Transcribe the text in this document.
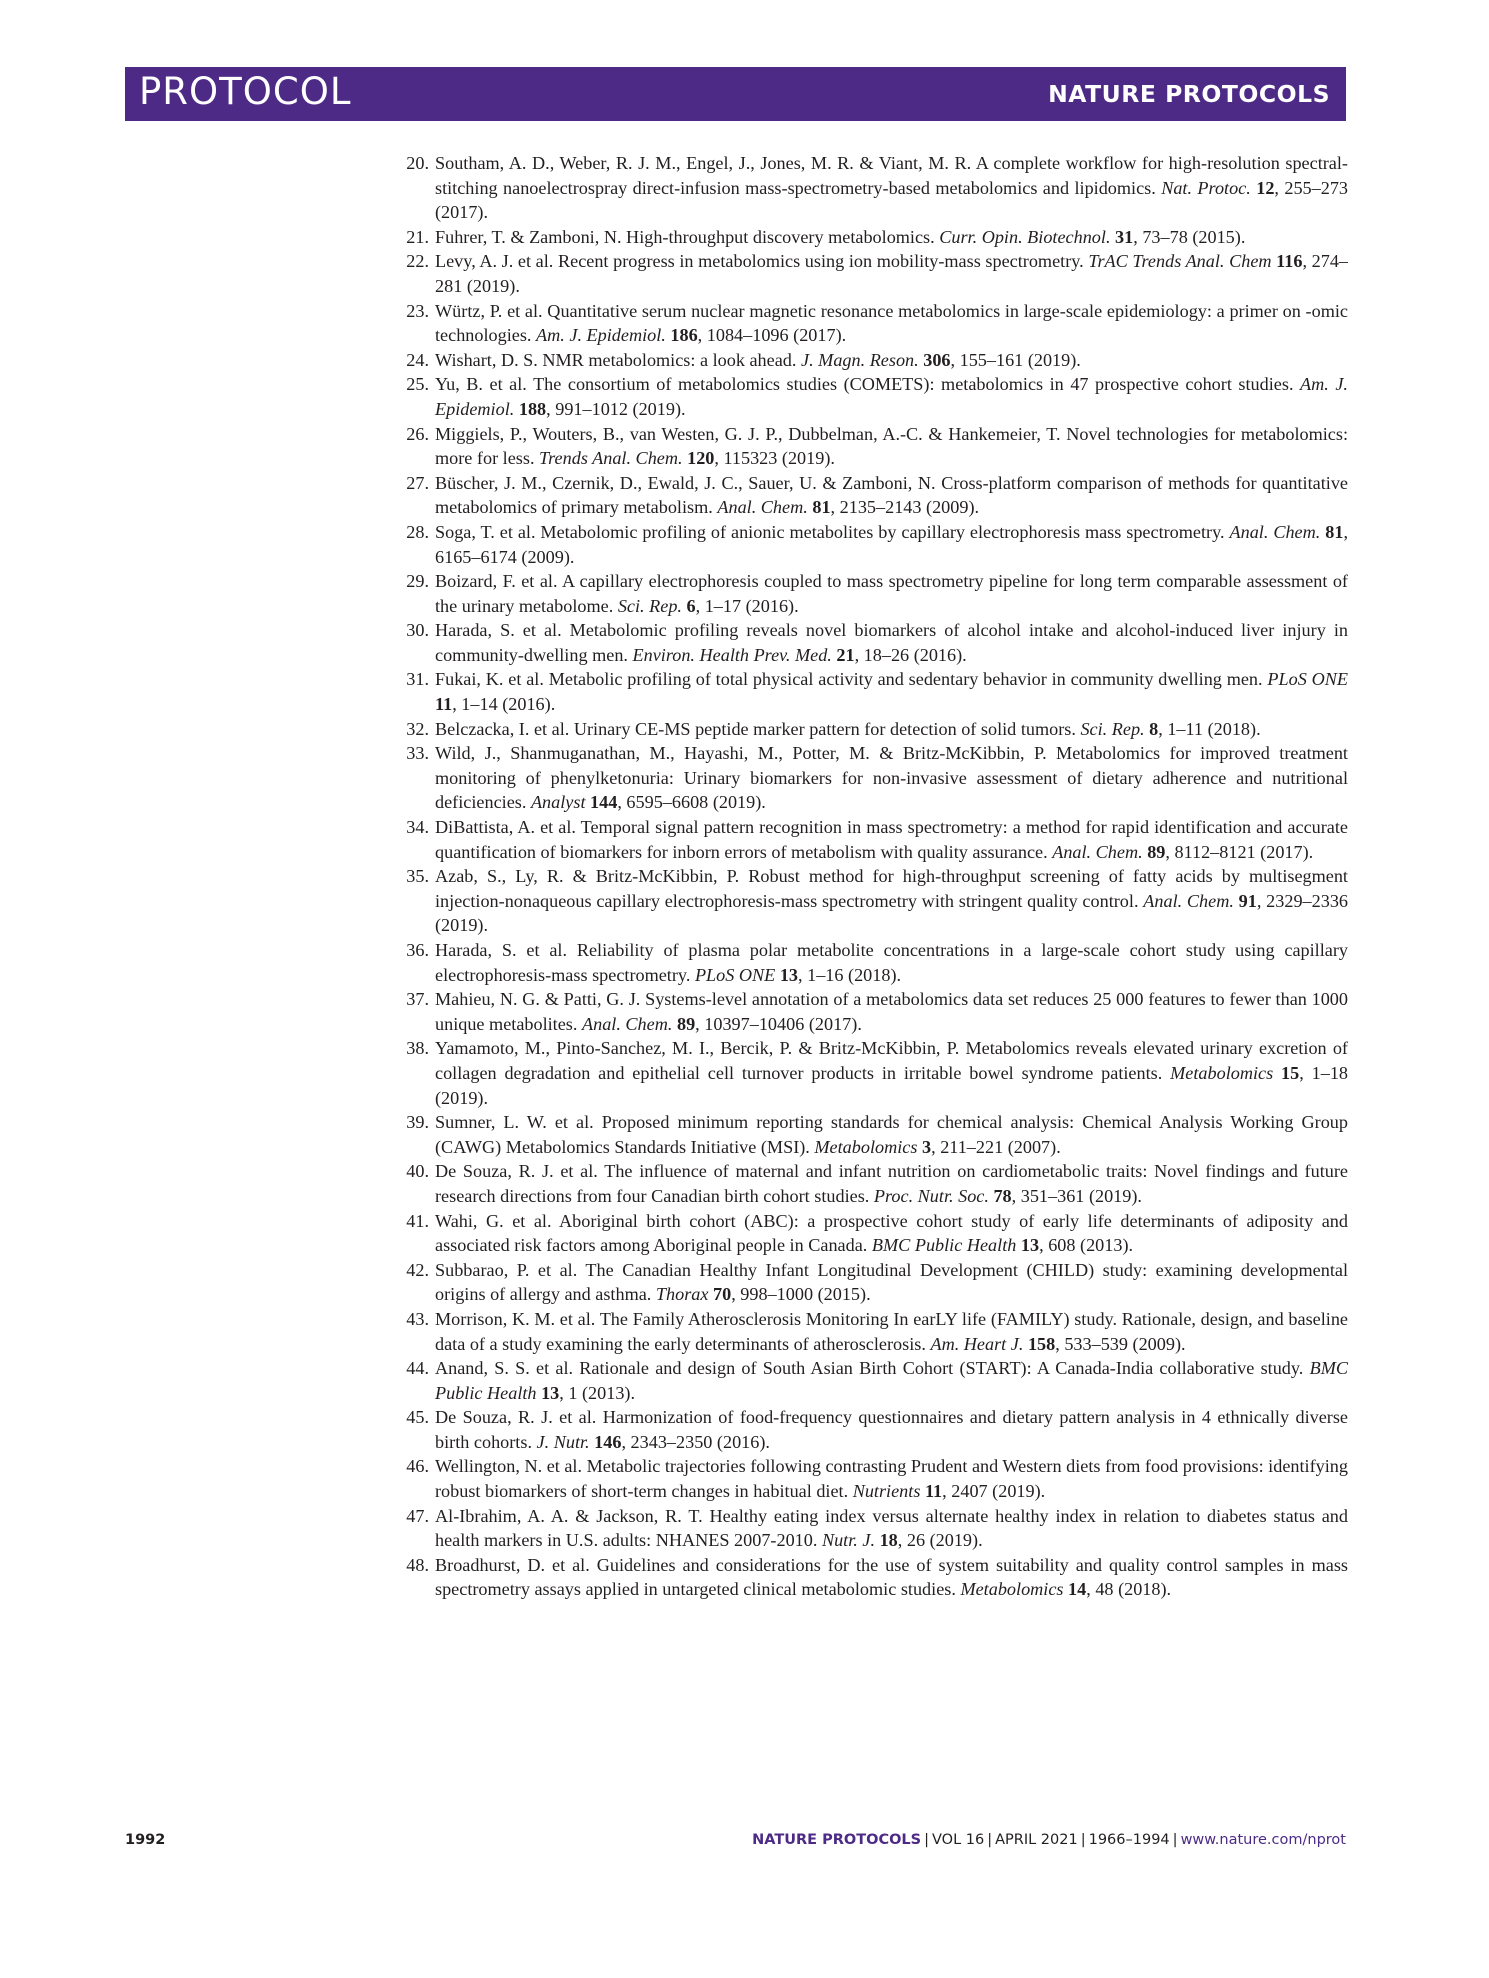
PROTOCOL	NATURE PROTOCOLS
20. Southam, A. D., Weber, R. J. M., Engel, J., Jones, M. R. & Viant, M. R. A complete workflow for high-resolution spectral-stitching nanoelectrospray direct-infusion mass-spectrometry-based metabolomics and lipidomics. Nat. Protoc. 12, 255–273 (2017).
21. Fuhrer, T. & Zamboni, N. High-throughput discovery metabolomics. Curr. Opin. Biotechnol. 31, 73–78 (2015).
22. Levy, A. J. et al. Recent progress in metabolomics using ion mobility-mass spectrometry. TrAC Trends Anal. Chem 116, 274–281 (2019).
23. Würtz, P. et al. Quantitative serum nuclear magnetic resonance metabolomics in large-scale epidemiology: a primer on -omic technologies. Am. J. Epidemiol. 186, 1084–1096 (2017).
24. Wishart, D. S. NMR metabolomics: a look ahead. J. Magn. Reson. 306, 155–161 (2019).
25. Yu, B. et al. The consortium of metabolomics studies (COMETS): metabolomics in 47 prospective cohort studies. Am. J. Epidemiol. 188, 991–1012 (2019).
26. Miggiels, P., Wouters, B., van Westen, G. J. P., Dubbelman, A.-C. & Hankemeier, T. Novel technologies for metabolomics: more for less. Trends Anal. Chem. 120, 115323 (2019).
27. Büscher, J. M., Czernik, D., Ewald, J. C., Sauer, U. & Zamboni, N. Cross-platform comparison of methods for quantitative metabolomics of primary metabolism. Anal. Chem. 81, 2135–2143 (2009).
28. Soga, T. et al. Metabolomic profiling of anionic metabolites by capillary electrophoresis mass spectrometry. Anal. Chem. 81, 6165–6174 (2009).
29. Boizard, F. et al. A capillary electrophoresis coupled to mass spectrometry pipeline for long term comparable assessment of the urinary metabolome. Sci. Rep. 6, 1–17 (2016).
30. Harada, S. et al. Metabolomic profiling reveals novel biomarkers of alcohol intake and alcohol-induced liver injury in community-dwelling men. Environ. Health Prev. Med. 21, 18–26 (2016).
31. Fukai, K. et al. Metabolic profiling of total physical activity and sedentary behavior in community dwelling men. PLoS ONE 11, 1–14 (2016).
32. Belczacka, I. et al. Urinary CE-MS peptide marker pattern for detection of solid tumors. Sci. Rep. 8, 1–11 (2018).
33. Wild, J., Shanmuganathan, M., Hayashi, M., Potter, M. & Britz-McKibbin, P. Metabolomics for improved treatment monitoring of phenylketonuria: Urinary biomarkers for non-invasive assessment of dietary adherence and nutritional deficiencies. Analyst 144, 6595–6608 (2019).
34. DiBattista, A. et al. Temporal signal pattern recognition in mass spectrometry: a method for rapid identification and accurate quantification of biomarkers for inborn errors of metabolism with quality assurance. Anal. Chem. 89, 8112–8121 (2017).
35. Azab, S., Ly, R. & Britz-McKibbin, P. Robust method for high-throughput screening of fatty acids by multisegment injection-nonaqueous capillary electrophoresis-mass spectrometry with stringent quality control. Anal. Chem. 91, 2329–2336 (2019).
36. Harada, S. et al. Reliability of plasma polar metabolite concentrations in a large-scale cohort study using capillary electrophoresis-mass spectrometry. PLoS ONE 13, 1–16 (2018).
37. Mahieu, N. G. & Patti, G. J. Systems-level annotation of a metabolomics data set reduces 25 000 features to fewer than 1000 unique metabolites. Anal. Chem. 89, 10397–10406 (2017).
38. Yamamoto, M., Pinto-Sanchez, M. I., Bercik, P. & Britz-McKibbin, P. Metabolomics reveals elevated urinary excretion of collagen degradation and epithelial cell turnover products in irritable bowel syndrome patients. Metabolomics 15, 1–18 (2019).
39. Sumner, L. W. et al. Proposed minimum reporting standards for chemical analysis: Chemical Analysis Working Group (CAWG) Metabolomics Standards Initiative (MSI). Metabolomics 3, 211–221 (2007).
40. De Souza, R. J. et al. The influence of maternal and infant nutrition on cardiometabolic traits: Novel findings and future research directions from four Canadian birth cohort studies. Proc. Nutr. Soc. 78, 351–361 (2019).
41. Wahi, G. et al. Aboriginal birth cohort (ABC): a prospective cohort study of early life determinants of adiposity and associated risk factors among Aboriginal people in Canada. BMC Public Health 13, 608 (2013).
42. Subbarao, P. et al. The Canadian Healthy Infant Longitudinal Development (CHILD) study: examining developmental origins of allergy and asthma. Thorax 70, 998–1000 (2015).
43. Morrison, K. M. et al. The Family Atherosclerosis Monitoring In earLY life (FAMILY) study. Rationale, design, and baseline data of a study examining the early determinants of atherosclerosis. Am. Heart J. 158, 533–539 (2009).
44. Anand, S. S. et al. Rationale and design of South Asian Birth Cohort (START): A Canada-India collaborative study. BMC Public Health 13, 1 (2013).
45. De Souza, R. J. et al. Harmonization of food-frequency questionnaires and dietary pattern analysis in 4 ethnically diverse birth cohorts. J. Nutr. 146, 2343–2350 (2016).
46. Wellington, N. et al. Metabolic trajectories following contrasting Prudent and Western diets from food provisions: identifying robust biomarkers of short-term changes in habitual diet. Nutrients 11, 2407 (2019).
47. Al-Ibrahim, A. A. & Jackson, R. T. Healthy eating index versus alternate healthy index in relation to diabetes status and health markers in U.S. adults: NHANES 2007-2010. Nutr. J. 18, 26 (2019).
48. Broadhurst, D. et al. Guidelines and considerations for the use of system suitability and quality control samples in mass spectrometry assays applied in untargeted clinical metabolomic studies. Metabolomics 14, 48 (2018).
1992	NATURE PROTOCOLS | VOL 16 | APRIL 2021 | 1966–1994 | www.nature.com/nprot
